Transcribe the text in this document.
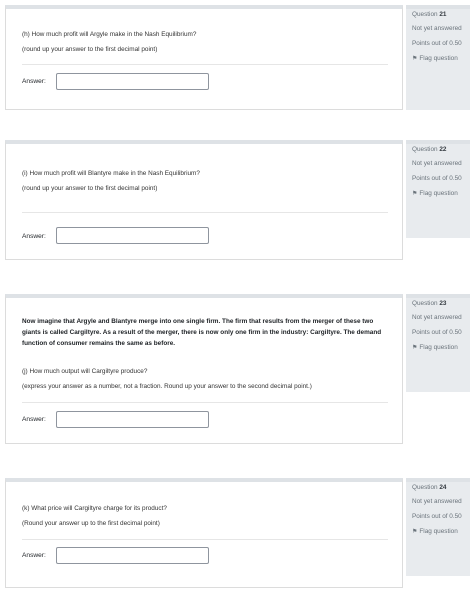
(h) How much profit will Argyle make in the Nash Equilibrium?
(round up your answer to the first decimal point)
Answer:
Question 21
Not yet answered
Points out of 0.50
⚑ Flag question
(i) How much profit will Blantyre make in the Nash Equilibrium?
(round up your answer to the first decimal point)
Answer:
Question 22
Not yet answered
Points out of 0.50
⚑ Flag question
Now imagine that Argyle and Blantyre merge into one single firm. The firm that results from the merger of these two giants is called Cargiltyre. As a result of the merger, there is now only one firm in the industry: Cargiltyre. The demand function of consumer remains the same as before.
(j) How much output will Cargiltyre produce?
(express your answer as a number, not a fraction. Round up your answer to the second decimal point.)
Answer:
Question 23
Not yet answered
Points out of 0.50
⚑ Flag question
(k) What price will Cargiltyre charge for its product?
(Round your answer up to the first decimal point)
Answer:
Question 24
Not yet answered
Points out of 0.50
⚑ Flag question
